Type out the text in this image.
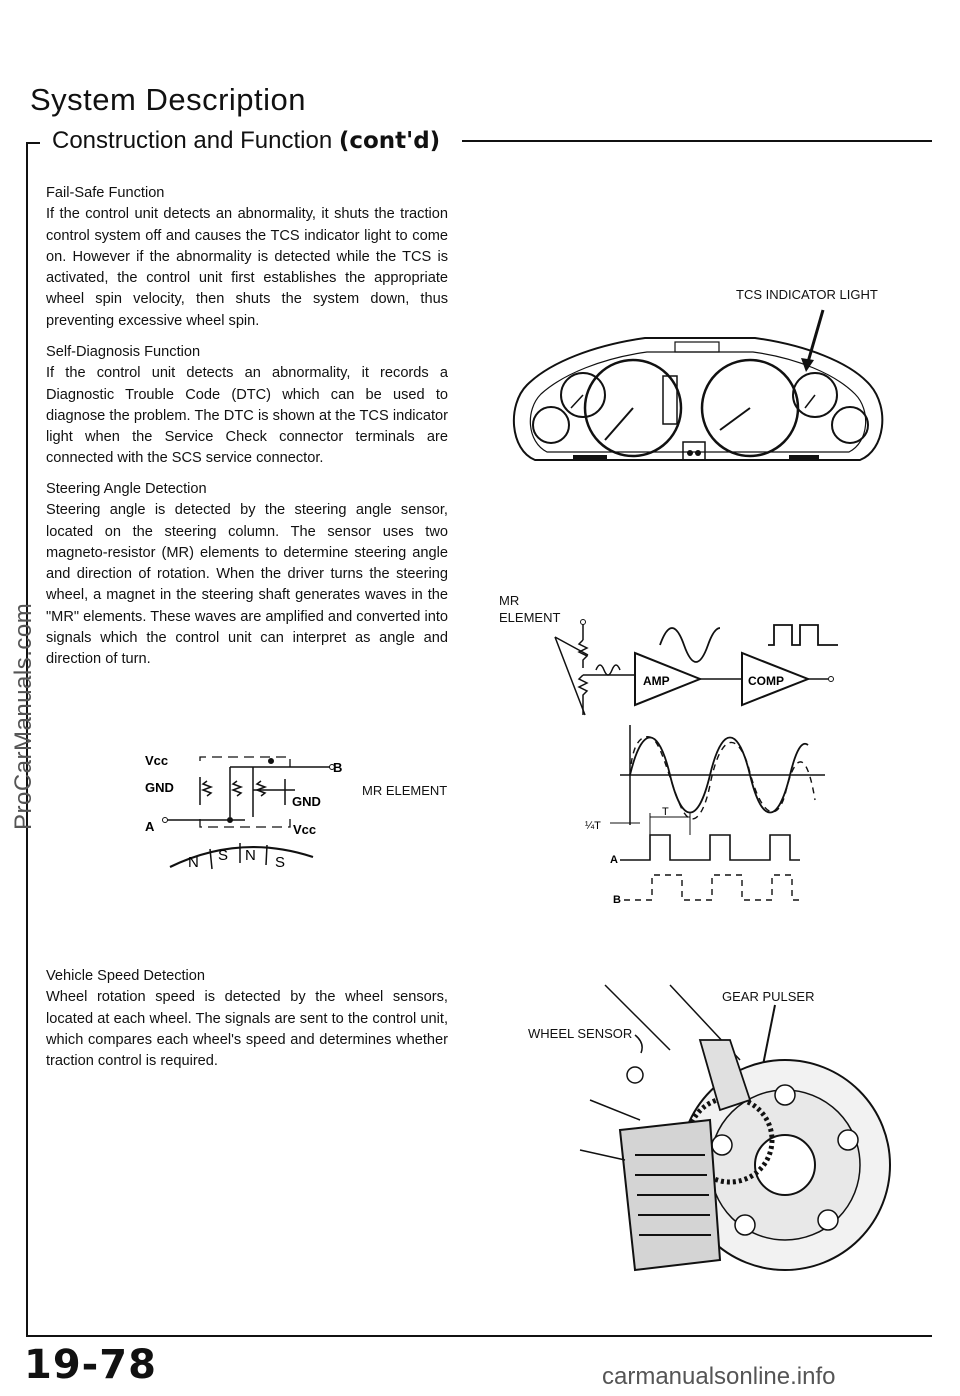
System Description
Construction and Function (cont'd)
Fail-Safe Function
If the control unit detects an abnormality, it shuts the traction control system off and causes the TCS indicator light to come on. However if the abnormality is detected while the TCS is activated, the control unit first establishes the appropriate wheel spin velocity, then shuts the system down, thus preventing excessive wheel spin.
Self-Diagnosis Function
If the control unit detects an abnormality, it records a Diagnostic Trouble Code (DTC) which can be used to diagnose the problem. The DTC is shown at the TCS indicator light when the Service Check connector terminals are connected with the SCS service connector.
Steering Angle Detection
Steering angle is detected by the steering angle sensor, located on the steering column. The sensor uses two magneto-resistor (MR) elements to determine steering angle and direction of rotation. When the driver turns the steering wheel, a magnet in the steering shaft generates waves in the "MR" elements. These waves are amplified and converted into signals which the control unit can interpret as angle and direction of turn.
Vehicle Speed Detection
Wheel rotation speed is detected by the wheel sensors, located at each wheel. The signals are sent to the control unit, which compares each wheel's speed and determines whether traction control is required.
TCS INDICATOR LIGHT
MR
ELEMENT
AMP	COMP
MR ELEMENT
Vcc
GND
GND
Vcc
A
B
N S N S
T
¼T
A
B
GEAR PULSER
WHEEL SENSOR
19-78	carmanualsonline.info
ProCarManuals.com
